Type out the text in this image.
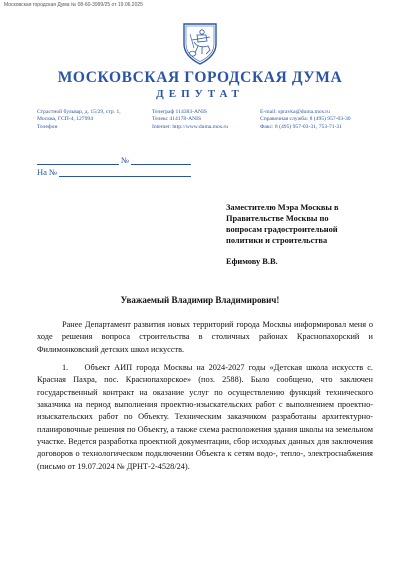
Московская городская Дума № 08-60-3999/25 от 19.06.2025
МОСКОВСКАЯ ГОРОДСКАЯ ДУМА
ДЕПУТАТ
Страстной бульвар, д. 15/29, стр. 1,
Москва, ГСП-4, 127994
Телефон
Телеграф 114383-ANIS
Телекс 414178-ANIS
Internet: http://www.duma.mos.ru
E-mail: spravka@duma.mos.ru
Справочная служба: 8 (495) 957-03-30
Факс: 8 (495) 957-03-31, 753-71-31
№
На №
Заместителю Мэра Москвы в
Правительстве Москвы по
вопросам градостроительной
политики и строительства
Ефимову В.В.
Уважаемый Владимир Владимирович!

Ранее Департамент развития новых территорий города Москвы информировал меня о ходе решения вопроса строительства в столичных районах Краснопахорский и Филимонковский детских школ искусств.

1.    Объект АИП города Москвы на 2024-2027 годы «Детская школа искусств с. Красная Пахра, пос. Краснопахорское» (поз. 2588). Было сообщено, что заключен государственный контракт на оказание услуг по осуществлению функций технического заказчика на период выполнения проектно-изыскательских работ с выполнением проектно-изыскательских работ по Объекту. Техническим заказчиком разработаны архитектурно-планировочные решения по Объекту, а также схема расположения здания школы на земельном участке. Ведется разработка проектной документации, сбор исходных данных для заключения договоров о технологическом подключении Объекта к сетям водо-, тепло-, электроснабжения (письмо от 19.07.2024 № ДРНТ-2-4528/24).
